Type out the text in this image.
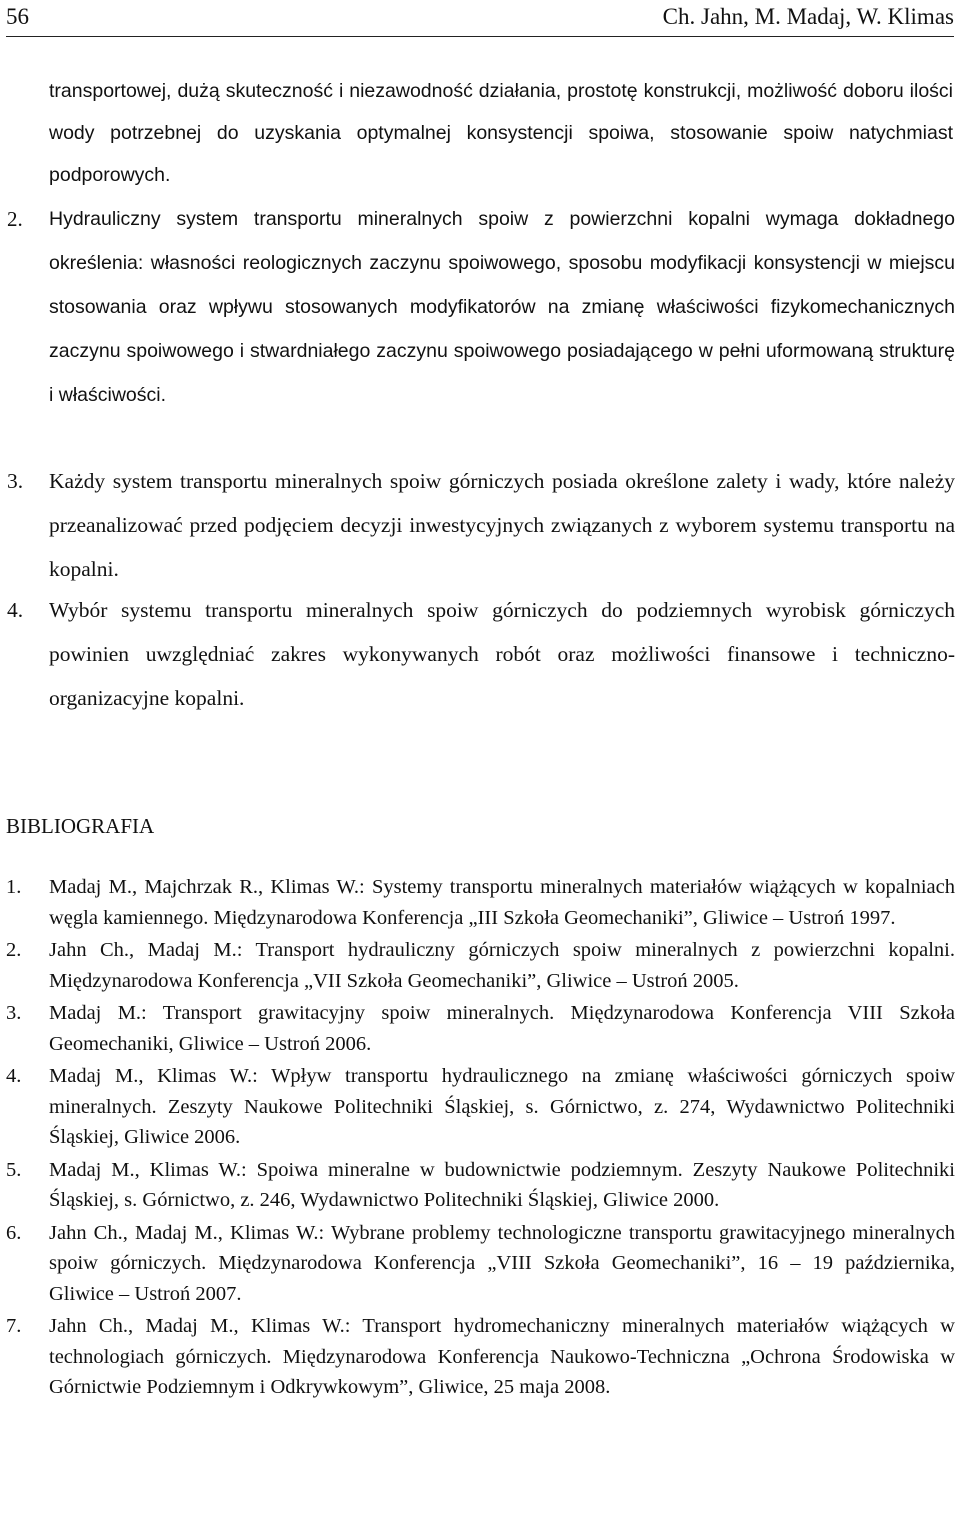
56	Ch. Jahn, M. Madaj, W. Klimas
transportowej, dużą skuteczność i niezawodność działania, prostotę konstrukcji, możliwość doboru ilości wody potrzebnej do uzyskania optymalnej konsystencji spoiwa, stosowanie spoiw natychmiast podporowych.
2. Hydrauliczny system transportu mineralnych spoiw z powierzchni kopalni wymaga dokładnego określenia: własności reologicznych zaczynu spoiwowego, sposobu modyfikacji konsystencji w miejscu stosowania oraz wpływu stosowanych modyfikatorów na zmianę właściwości fizykomechanicznych zaczynu spoiwowego i stwardniałego zaczynu spoiwowego posiadającego w pełni uformowaną strukturę i właściwości.
3. Każdy system transportu mineralnych spoiw górniczych posiada określone zalety i wady, które należy przeanalizować przed podjęciem decyzji inwestycyjnych związanych z wyborem systemu transportu na kopalni.
4. Wybór systemu transportu mineralnych spoiw górniczych do podziemnych wyrobisk górniczych powinien uwzględniać zakres wykonywanych robót oraz możliwości finansowe i techniczno-organizacyjne kopalni.
BIBLIOGRAFIA
1. Madaj M., Majchrzak R., Klimas W.: Systemy transportu mineralnych materiałów wiążących w kopalniach węgla kamiennego. Międzynarodowa Konferencja „III Szkoła Geomechaniki”, Gliwice – Ustroń 1997.
2. Jahn Ch., Madaj M.: Transport hydrauliczny górniczych spoiw mineralnych z powierzchni kopalni. Międzynarodowa Konferencja „VII Szkoła Geomechaniki”, Gliwice – Ustroń 2005.
3. Madaj M.: Transport grawitacyjny spoiw mineralnych. Międzynarodowa Konferencja VIII Szkoła Geomechaniki, Gliwice – Ustroń 2006.
4. Madaj M., Klimas W.: Wpływ transportu hydraulicznego na zmianę właściwości górniczych spoiw mineralnych. Zeszyty Naukowe Politechniki Śląskiej, s. Górnictwo, z. 274, Wydawnictwo Politechniki Śląskiej, Gliwice 2006.
5. Madaj M., Klimas W.: Spoiwa mineralne w budownictwie podziemnym. Zeszyty Naukowe Politechniki Śląskiej, s. Górnictwo, z. 246, Wydawnictwo Politechniki Śląskiej, Gliwice 2000.
6. Jahn Ch., Madaj M., Klimas W.: Wybrane problemy technologiczne transportu grawitacyjnego mineralnych spoiw górniczych. Międzynarodowa Konferencja „VIII Szkoła Geomechaniki”, 16 – 19 października, Gliwice – Ustroń 2007.
7. Jahn Ch., Madaj M., Klimas W.: Transport hydromechaniczny mineralnych materiałów wiążących w technologiach górniczych. Międzynarodowa Konferencja Naukowo-Techniczna „Ochrona Środowiska w Górnictwie Podziemnym i Odkrywkowym”, Gliwice, 25 maja 2008.
